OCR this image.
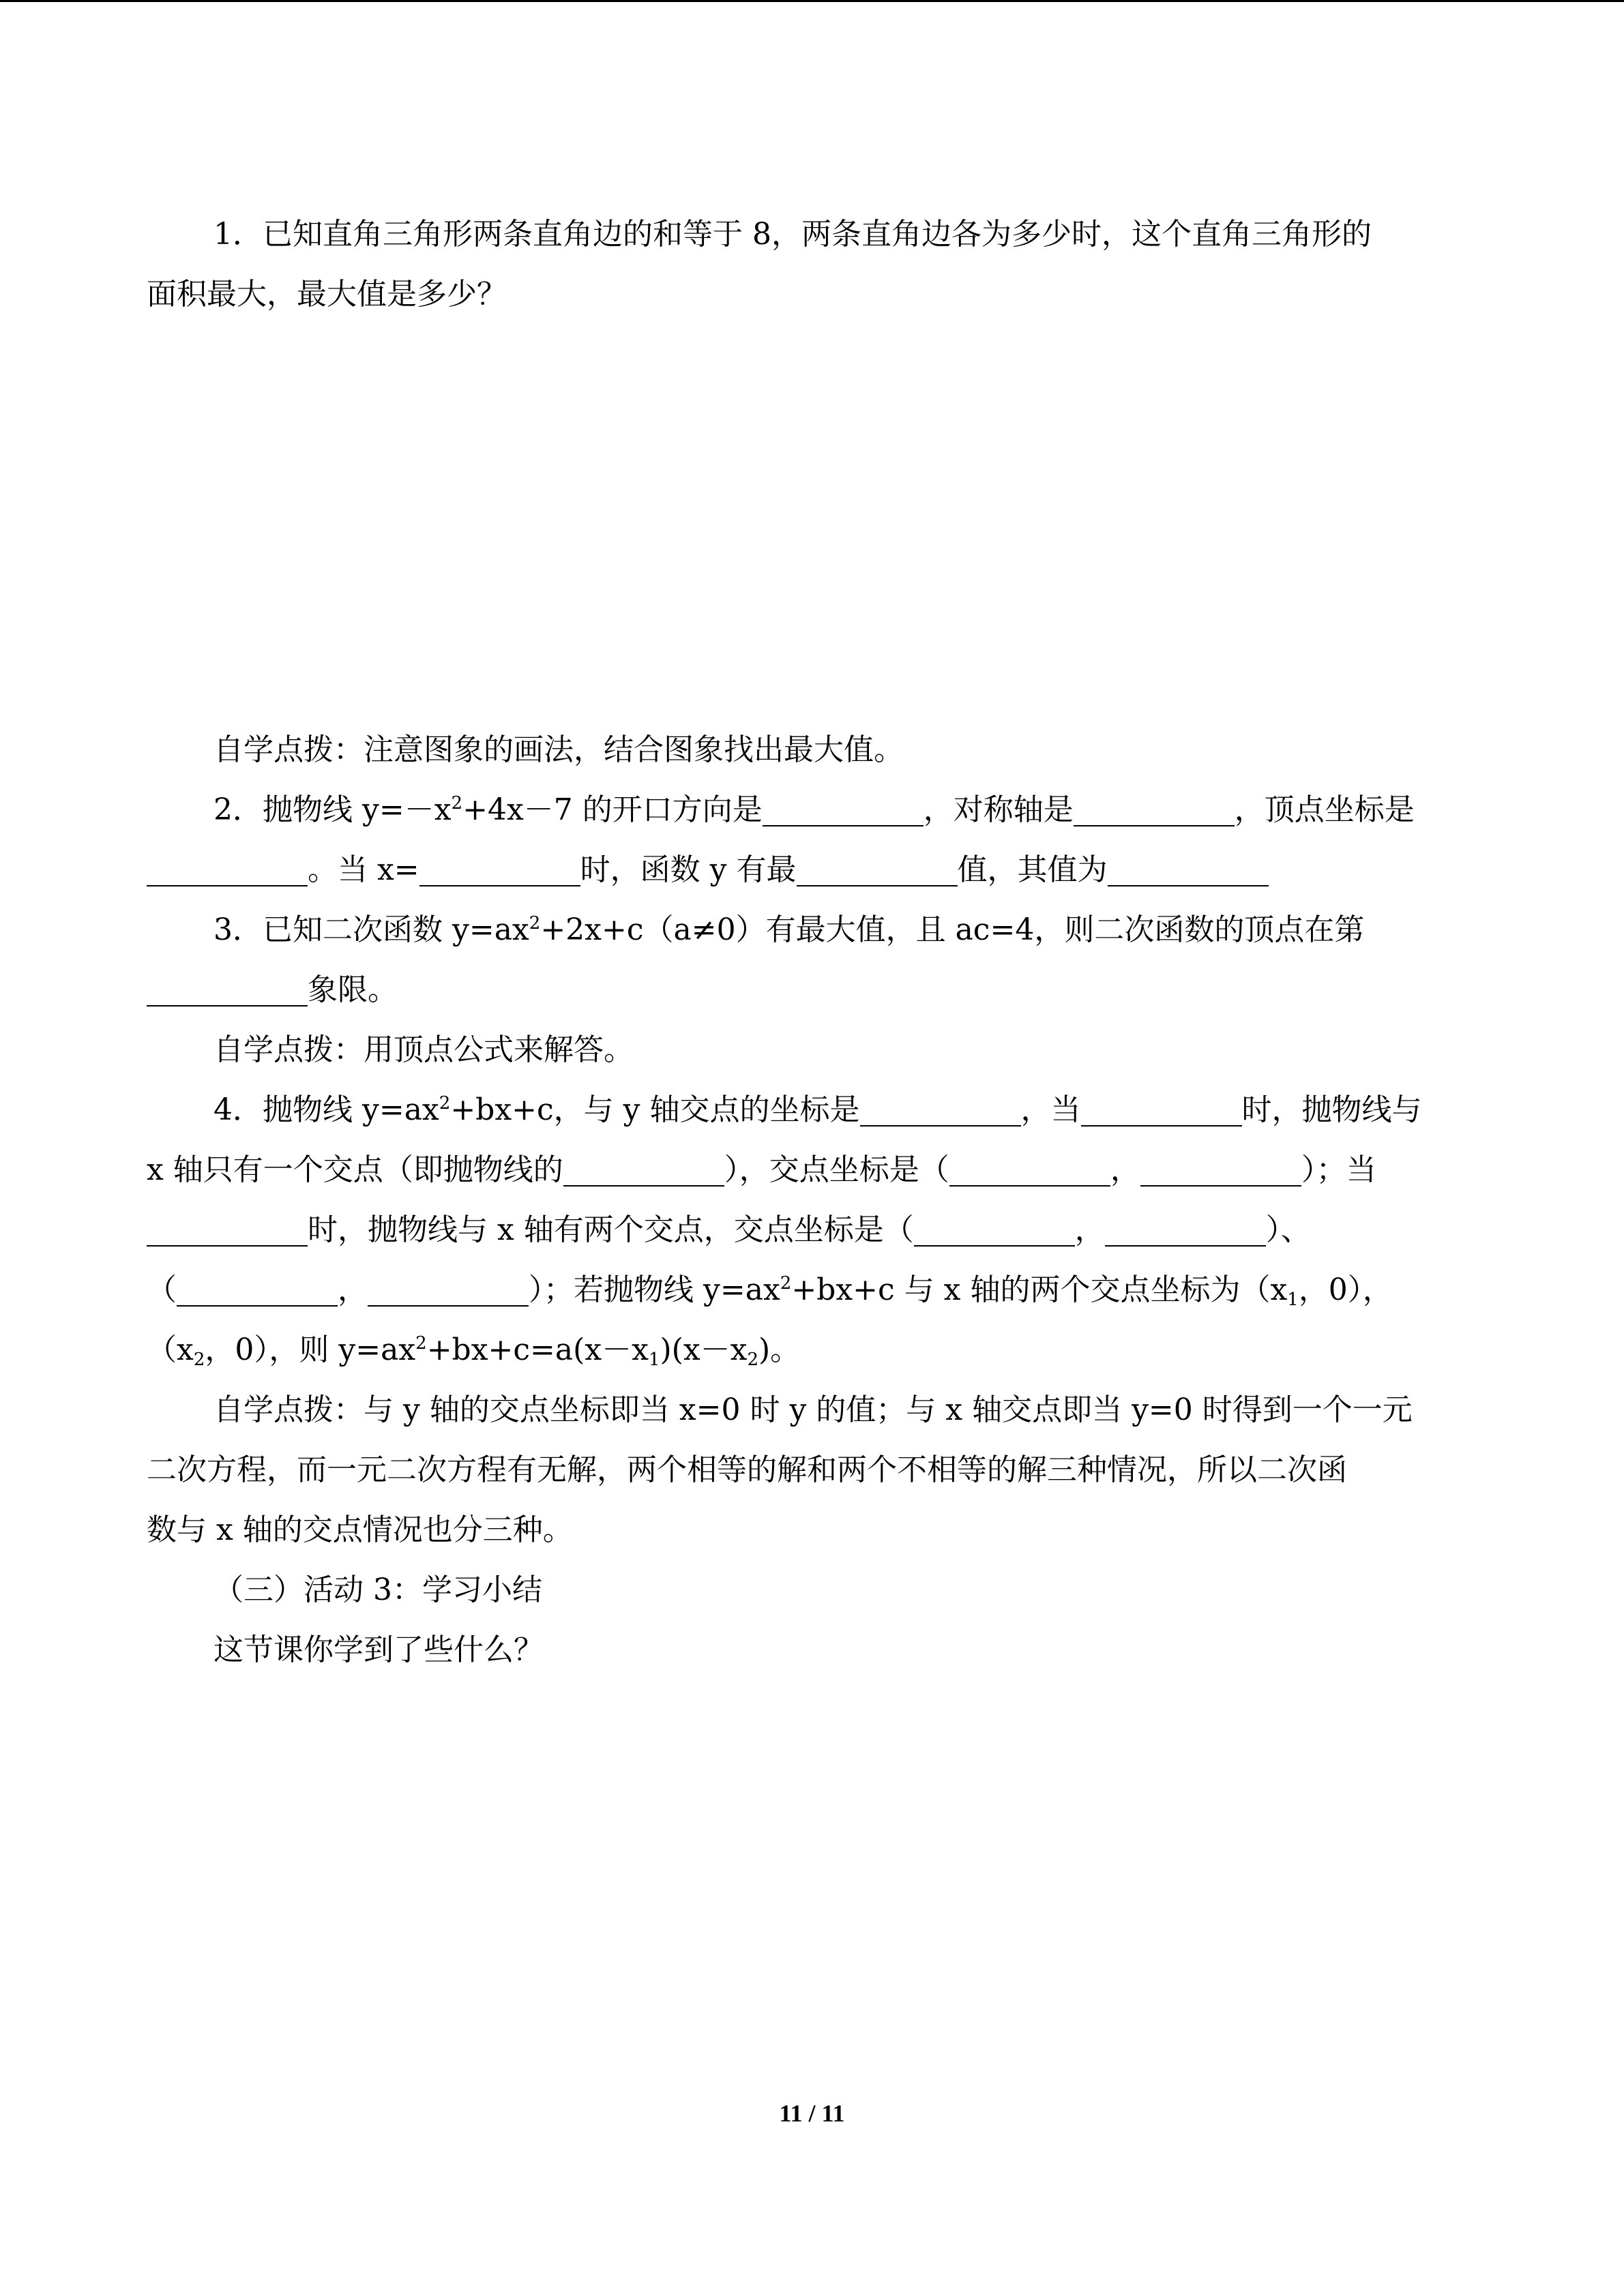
1．已知直角三角形两条直角边的和等于 8，两条直角边各为多少时，这个直角三角形的

面积最大，最大值是多少？

自学点拨：注意图象的画法，结合图象找出最大值。

2．抛物线 $y=-x^2+4x-7$ 的开口方向是	，对称轴是	，顶点坐标是

。当 x=	时，函数 y 有最	值，其值为

3．已知二次函数 $y=ax^2+2x+c(a\ne 0)$有最大值，且 ac=4，则二次函数的顶点在第

象限。

自学点拨：用顶点公式来解答。

4．抛物线 $y=ax^2+bx+c$，与 y 轴交点的坐标是	，当	时，抛物线与

x 轴只有一个交点（即抛物线的	），交点坐标是（	，	）；当

时，抛物线与 x 轴有两个交点，交点坐标是（	，	）、

（	，	）；若抛物线 $y=ax^2+bx+c$ 与 x 轴的两个交点坐标为（$x_1$，0），

（$x_2$，0），则 $y=ax^2+bx+c=a(x-x_1)(x-x_2)$。

自学点拨：与 y 轴的交点坐标即当 x=0 时 y 的值；与 x 轴交点即当 y=0 时得到一个一元

二次方程，而一元二次方程有无解，两个相等的解和两个不相等的解三种情况，所以二次函

数与 x 轴的交点情况也分三种。

（三）活动 3：学习小结

这节课你学到了些什么？

11 / 11
